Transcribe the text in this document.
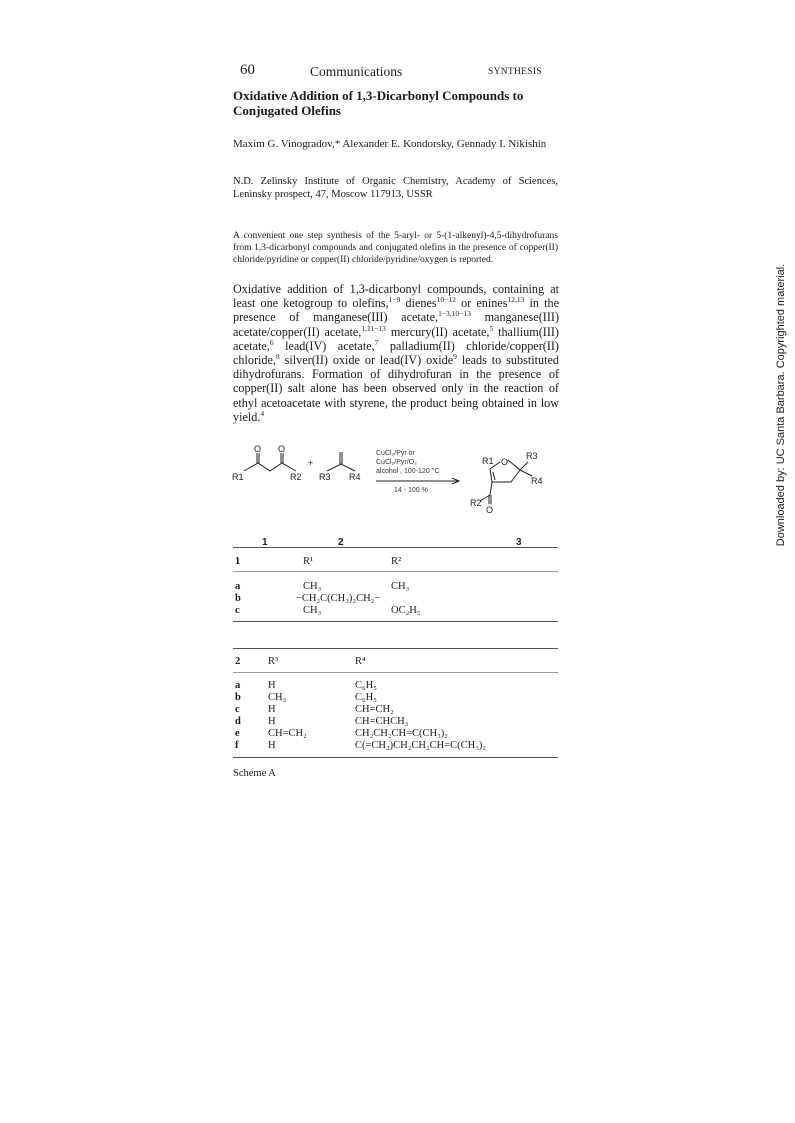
60	Communications	SYNTHESIS
Oxidative Addition of 1,3-Dicarbonyl Compounds to Conjugated Olefins
Maxim G. Vinogradov,* Alexander E. Kondorsky, Gennady I. Nikishin
N.D. Zelinsky Institute of Organic Chemistry, Academy of Sciences, Leninsky prospect, 47, Moscow 117913, USSR
A convenient one step synthesis of the 5-aryl- or 5-(1-alkenyl)-4,5-dihydrofurans from 1,3-dicarbonyl compounds and conjugated olefins in the presence of copper(II) chloride/pyridine or copper(II) chloride/pyridine/oxygen is reported.
Oxidative addition of 1,3-dicarbonyl compounds, containing at least one ketogroup to olefins,$^{1-9}$ dienes$^{10-12}$ or enines$^{12,13}$ in the presence of manganese(III) acetate,$^{1-3,10-13}$ manganese(III) acetate/copper(II) acetate,$^{1,11-13}$ mercury(II) acetate,$^5$ thallium(III) acetate,$^6$ lead(IV) acetate,$^7$ palladium(II) chloride/copper(II) chloride,$^8$ silver(II) oxide or lead(IV) oxide$^9$ leads to substituted dihydrofurans. Formation of dihydrofuran in the presence of copper(II) salt alone has been observed only in the reaction of ethyl acetoacetate with styrene, the product being obtained in low yield.$^4$
O O
R1	R2
+
R3 R4
O
R1	R3
R4
R2
O
CuCl₂/Pyr or
CuCl₂/Pyr/O₂
alcohol , 100-120 °C
14 - 100 %
1	2	3
1	R¹	R²
a	CH₃	CH₃
b	−CH₂C(CH₃)₂CH₂−
c	CH₃	OC₂H₅
2	R³	R⁴
a	H	C₆H₅
b	CH₃	C₆H₅
c	H	CH=CH₂
d	H	CH=CHCH₃
e	CH=CH₂	CH₂CH₂CH=C(CH₃)₂
f	H	C(=CH₂)CH₂CH₂CH=C(CH₃)₂
Scheme A
Downloaded by: UC Santa Barbara. Copyrighted material.
